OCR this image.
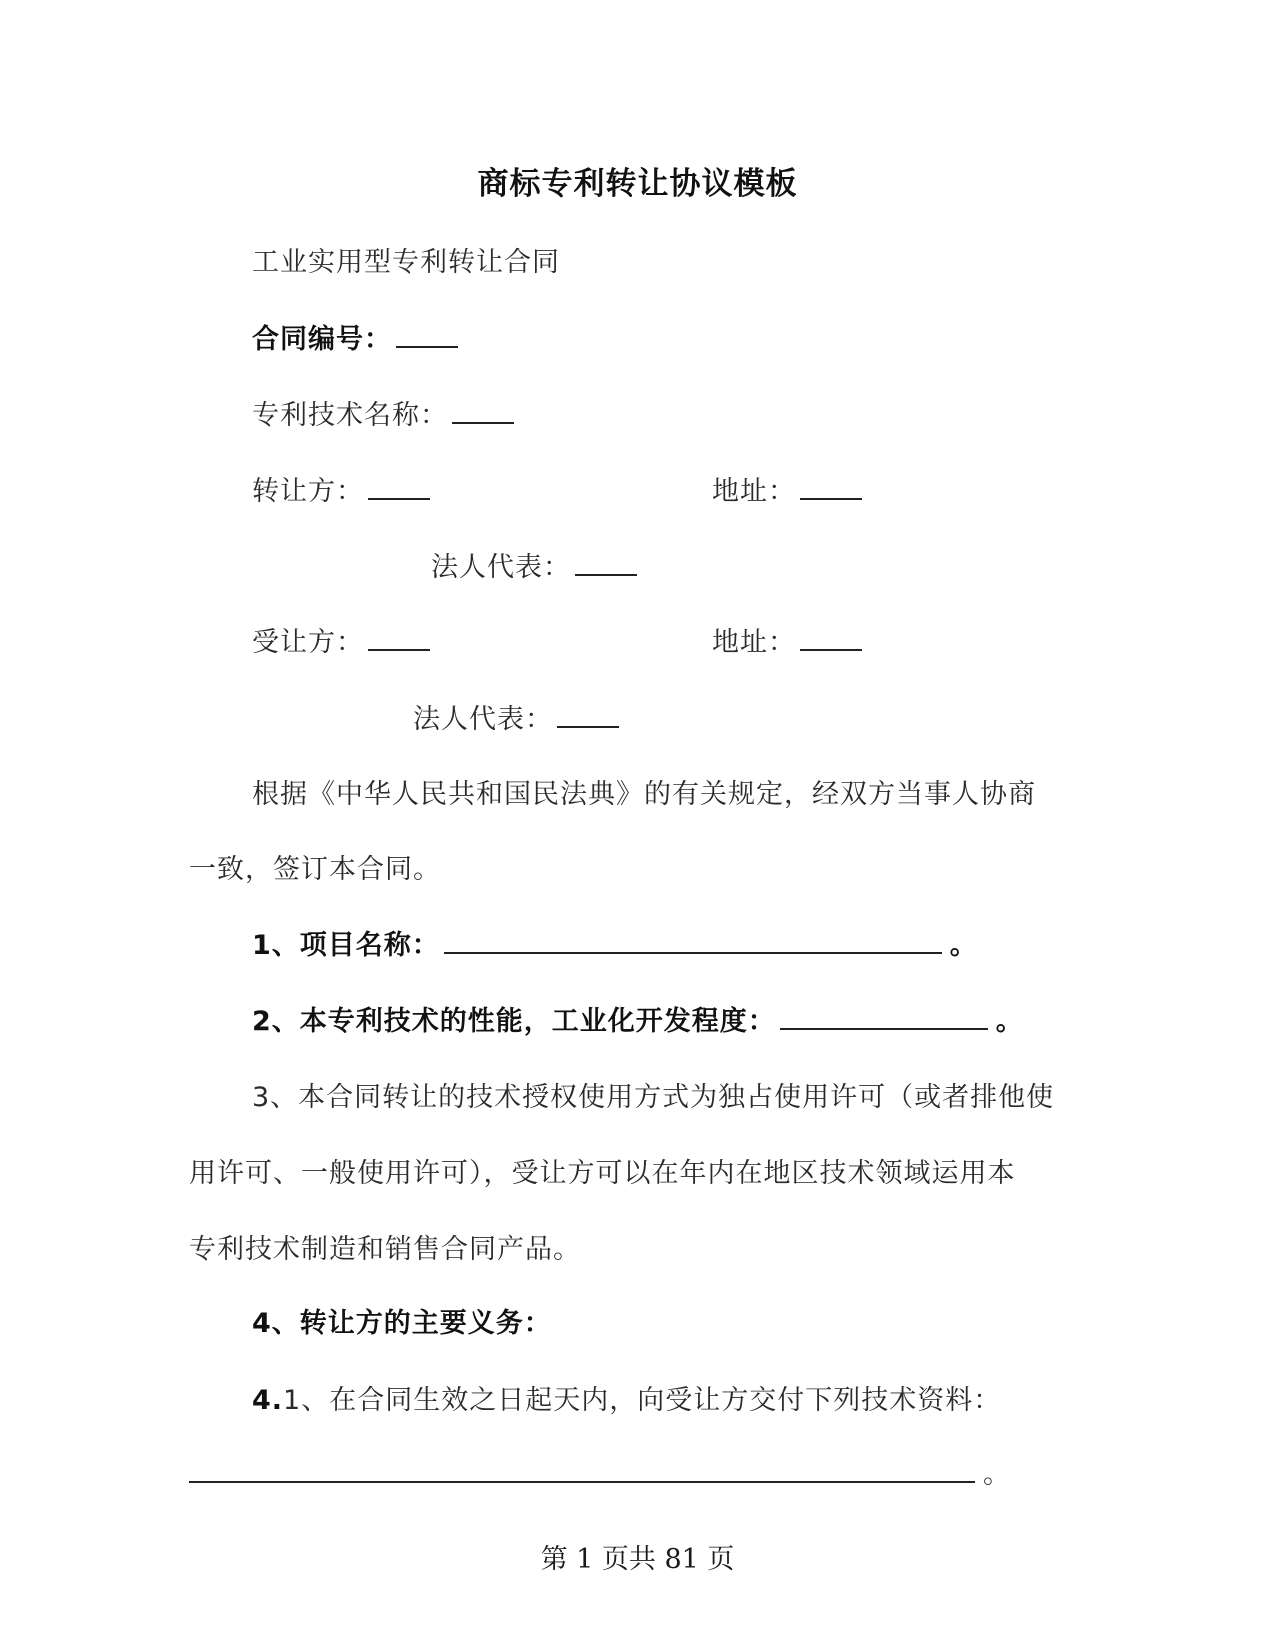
商标专利转让协议模板
工业实用型专利转让合同
合同编号：
专利技术名称：
转让方：	地址：
法人代表：
受让方：	地址：
法人代表：
根据《中华人民共和国民法典》的有关规定，经双方当事人协商
一致，签订本合同。
1、项目名称：	。
2、本专利技术的性能，工业化开发程度：	。
3、本合同转让的技术授权使用方式为独占使用许可（或者排他使
用许可、一般使用许可），受让方可以在年内在地区技术领域运用本
专利技术制造和销售合同产品。
4、转让方的主要义务：
4.1、在合同生效之日起天内，向受让方交付下列技术资料：
。
第 1 页共 81 页
